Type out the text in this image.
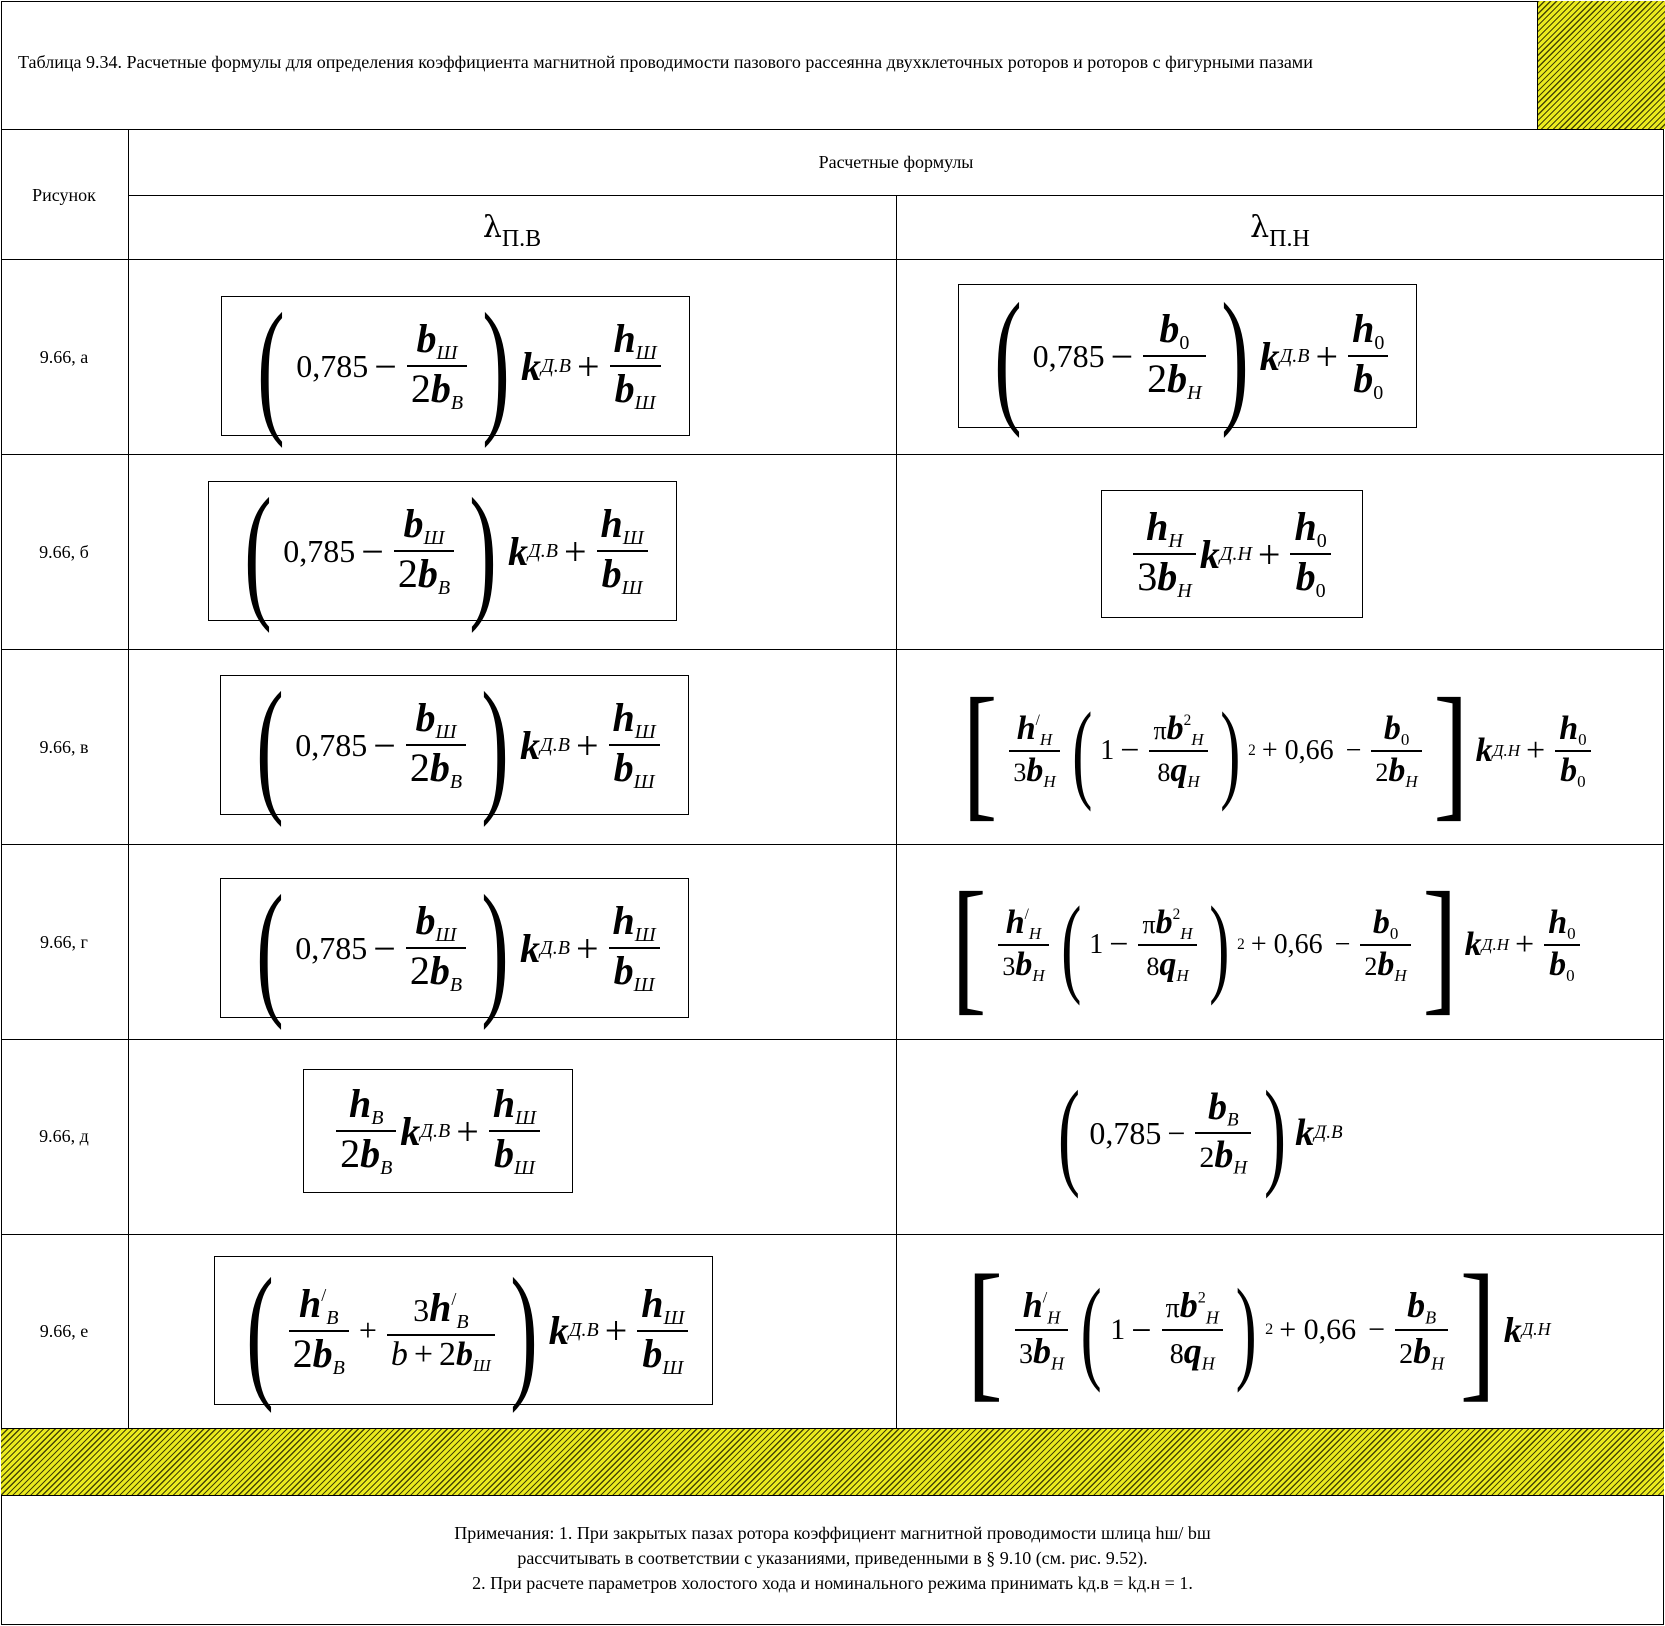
Таблица 9.34. Расчетные формулы для определения коэффициента магнитной проводимости пазового рассеянна двухклеточных роторов и роторов с фигурными пазами
Рисунок
Расчетные формулы
$\lambda_{П.В}$	$\lambda_{П.Н}$
9.66, а
9.66, б
9.66, в
9.66, г
9.66, д
9.66, е
( $0,785 - \frac{bШ}{2bВ}$ ) k $Д.В + \frac{hШ}{bШ}$
( $0,785 - \frac{bШ}{2bВ}$ ) k $Д.В + \frac{hШ}{bШ}$
( $0,785 - \frac{bШ}{2bВ}$ ) k $Д.В + \frac{hШ}{bШ}$
( $0,785 - \frac{bШ}{2bВ}$ ) k $Д.В + \frac{hШ}{bШ}$
$\frac{hВ}{2bВ}$ k $Д.В + \frac{hШ}{bШ}$
( $\frac{h^/В}{2bВ} + \frac{3h^/В}{b + 2bШ}$ ) k $Д.В + \frac{hШ}{bШ}$
( $0,785 - \frac{b0}{2bН}$ ) k $Д.В + \frac{h0}{b0}$
$\frac{hН}{3bН}$ k $Д.Н + \frac{h0}{b0}$
[ $\frac{h^/Н}{3bН}$ ( $1 - \frac{\pi b^2Н}{8qН}$ ) $2 + 0,66 - \frac{b0}{2bН}$ ] k $Д.Н + \frac{h0}{b0}$
[ $\frac{h^/Н}{3bН}$ ( $1 - \frac{\pi b^2Н}{8qН}$ ) $2 + 0,66 - \frac{b0}{2bН}$ ] k $Д.Н + \frac{h0}{b0}$
( $0,785 - \frac{bВ}{2bН}$ ) k Д.В
[ $\frac{h^/Н}{3bН}$ ( $1 - \frac{\pi b^2Н}{8qН}$ ) $2 + 0,66 - \frac{bВ}{2bН}$ ] k Д.Н
Примечания: 1. При закрытых пазах ротора коэффициент магнитной проводимости шлица hш/ bш
рассчитывать в соответствии с указаниями, приведенными в § 9.10 (см. рис. 9.52).
2. При расчете параметров холостого хода и номинального режима принимать kд.в = kд.н = 1.
